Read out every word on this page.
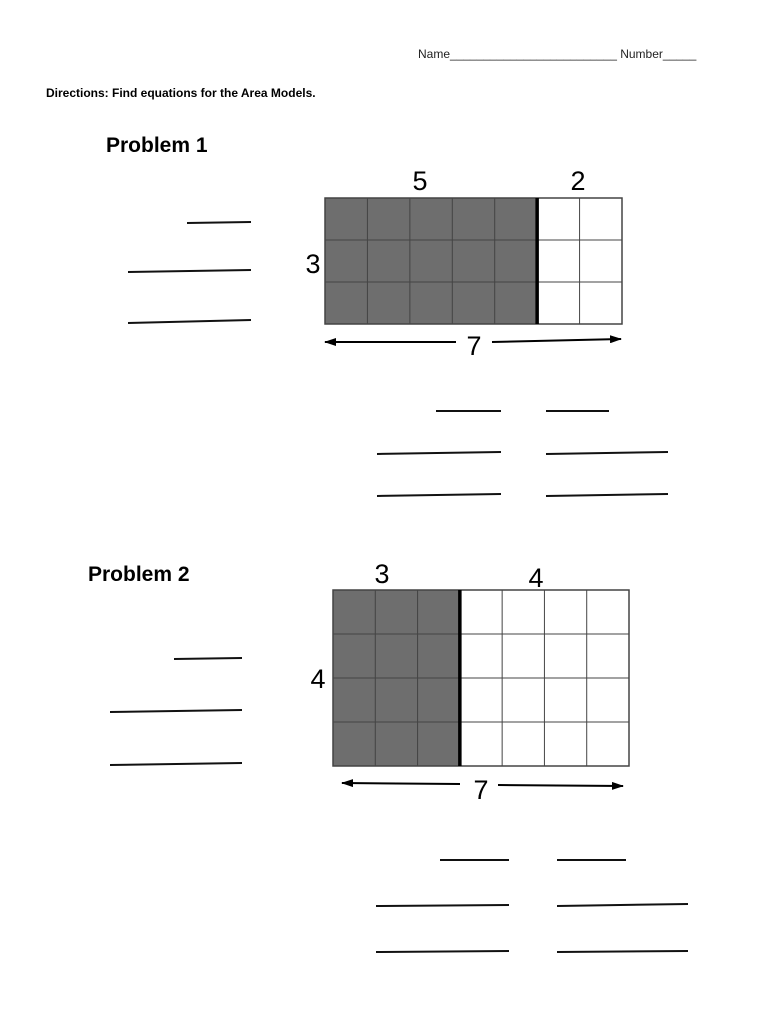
Name_________________________ Number_____
Directions: Find equations for the Area Models.
Problem 1
Problem 2
5	2
3
7
3	4
4
7
